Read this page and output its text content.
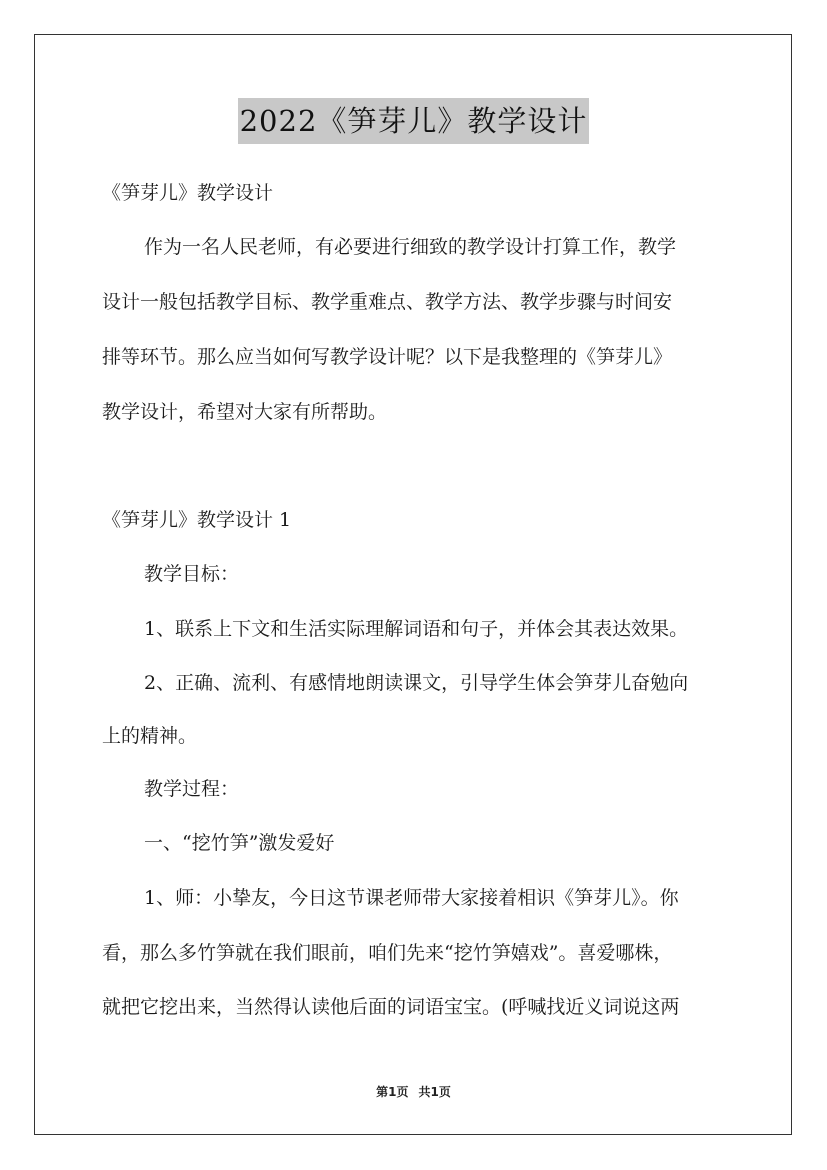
2022《笋芽儿》教学设计
《笋芽儿》教学设计
作为一名人民老师，有必要进行细致的教学设计打算工作，教学
设计一般包括教学目标、教学重难点、教学方法、教学步骤与时间安
排等环节。那么应当如何写教学设计呢？以下是我整理的《笋芽儿》
教学设计，希望对大家有所帮助。
《笋芽儿》教学设计 1
教学目标：
1、联系上下文和生活实际理解词语和句子，并体会其表达效果。
2、正确、流利、有感情地朗读课文，引导学生体会笋芽儿奋勉向
上的精神。
教学过程：
一、“挖竹笋”激发爱好
1、师：小挚友，今日这节课老师带大家接着相识《笋芽儿》。你
看，那么多竹笋就在我们眼前，咱们先来“挖竹笋嬉戏”。喜爱哪株，
就把它挖出来，当然得认读他后面的词语宝宝。(呼喊找近义词说这两
第1页 共1页
